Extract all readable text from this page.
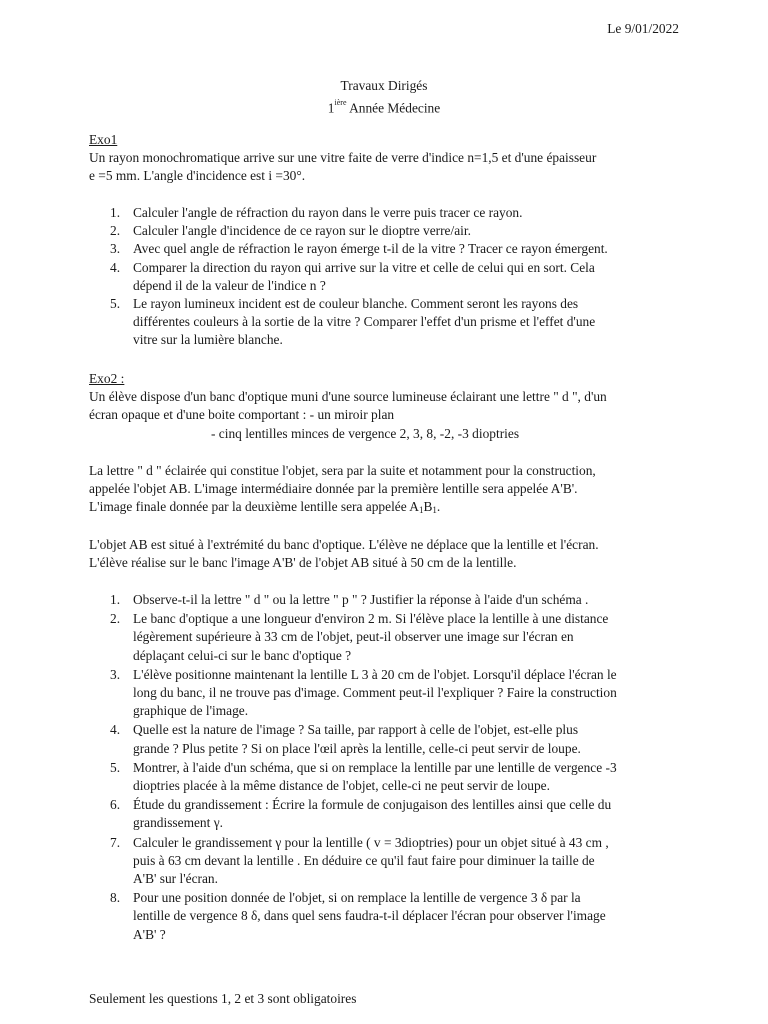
Le 9/01/2022
Travaux Dirigés
$1^{ière}$ Année Médecine
Exo1
Un rayon monochromatique arrive sur une vitre faite de verre d'indice n=1,5 et d'une épaisseur
e =5 mm. L'angle d'incidence est i =30°.
1. Calculer l'angle de réfraction du rayon dans le verre puis tracer ce rayon.
2. Calculer l'angle d'incidence de ce rayon sur le dioptre verre/air.
3. Avec quel angle de réfraction le rayon émerge t-il de la vitre ? Tracer ce rayon émergent.
4. Comparer la direction du rayon qui arrive sur la vitre et celle de celui qui en sort. Cela
dépend il de la valeur de l'indice n ?
5. Le rayon lumineux incident est de couleur blanche. Comment seront les rayons des
différentes couleurs à la sortie de la vitre ? Comparer l'effet d'un prisme et l'effet d'une
vitre sur la lumière blanche.
Exo2 :
Un élève dispose d'un banc d'optique muni d'une source lumineuse éclairant une lettre " d ", d'un
écran opaque et d'une boite comportant : - un miroir plan
- cinq lentilles minces de vergence 2, 3, 8, -2, -3 dioptries
La lettre " d " éclairée qui constitue l'objet, sera par la suite et notamment pour la construction,
appelée l'objet AB. L'image intermédiaire donnée par la première lentille sera appelée A'B'.
L'image finale donnée par la deuxième lentille sera appelée $A_1B_1$.
L'objet AB est situé à l'extrémité du banc d'optique. L'élève ne déplace que la lentille et l'écran.
L'élève réalise sur le banc l'image A'B' de l'objet AB situé à 50 cm de la lentille.
1. Observe-t-il la lettre " d " ou la lettre " p " ? Justifier la réponse à l'aide d'un schéma .
2. Le banc d'optique a une longueur d'environ 2 m. Si l'élève place la lentille à une distance
légèrement supérieure à 33 cm de l'objet, peut-il observer une image sur l'écran en
déplaçant celui-ci sur le banc d'optique ?
3. L'élève positionne maintenant la lentille L 3 à 20 cm de l'objet. Lorsqu'il déplace l'écran le
long du banc, il ne trouve pas d'image. Comment peut-il l'expliquer ? Faire la construction
graphique de l'image.
4. Quelle est la nature de l'image ? Sa taille, par rapport à celle de l'objet, est-elle plus
grande ? Plus petite ? Si on place l'œil après la lentille, celle-ci peut servir de loupe.
5. Montrer, à l'aide d'un schéma, que si on remplace la lentille par une lentille de vergence -3
dioptries placée à la même distance de l'objet, celle-ci ne peut servir de loupe.
6. Étude du grandissement : Écrire la formule de conjugaison des lentilles ainsi que celle du
grandissement γ.
7. Calculer le grandissement γ pour la lentille ( v = 3dioptries) pour un objet situé à 43 cm ,
puis à 63 cm devant la lentille . En déduire ce qu'il faut faire pour diminuer la taille de
A'B' sur l'écran.
8. Pour une position donnée de l'objet, si on remplace la lentille de vergence 3 δ par la
lentille de vergence 8 δ, dans quel sens faudra-t-il déplacer l'écran pour observer l'image
A'B' ?
Seulement les questions 1, 2 et 3 sont obligatoires
